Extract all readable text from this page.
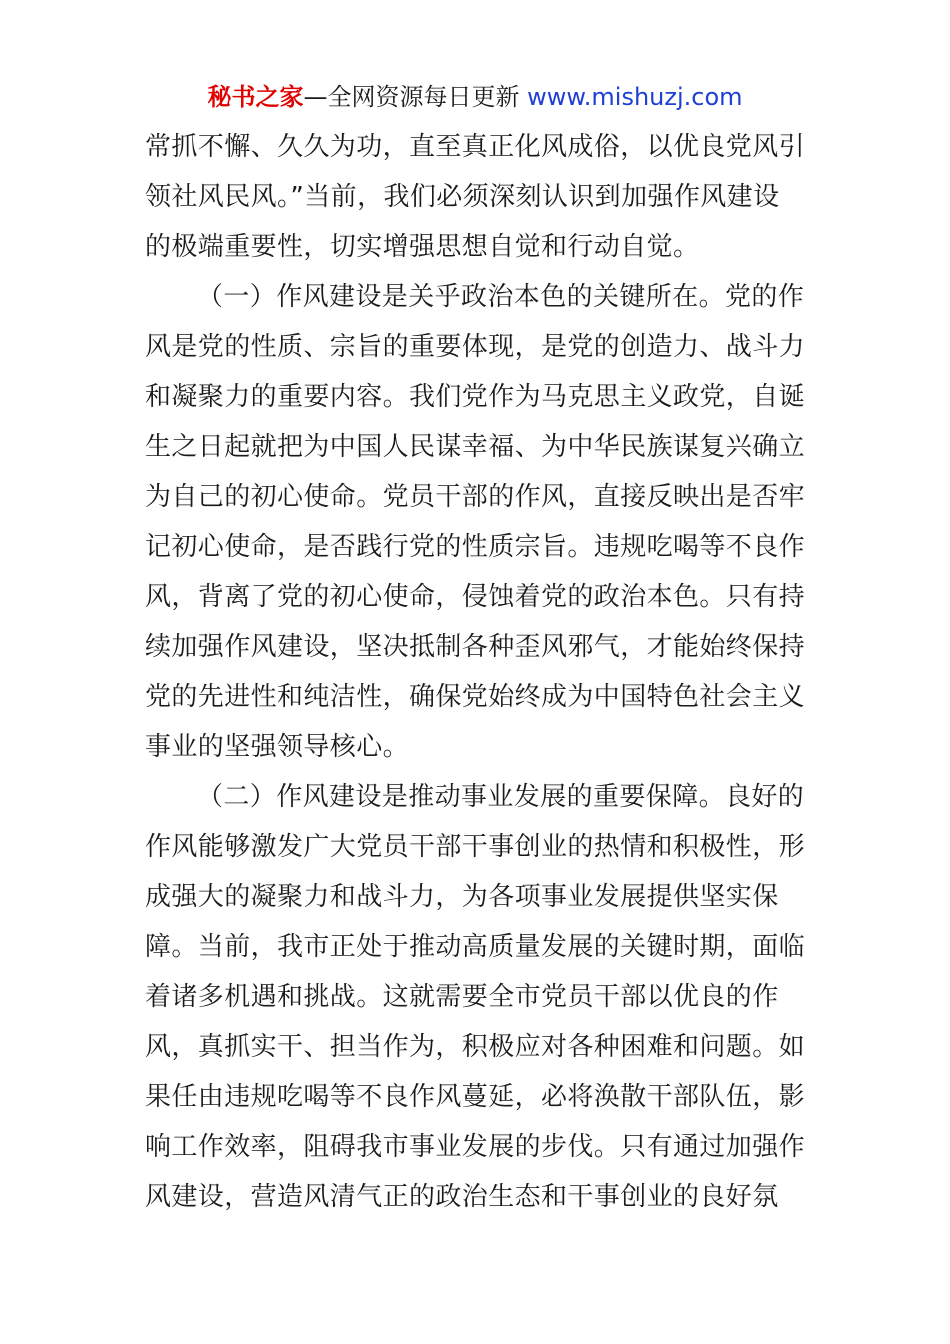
秘书之家—全网资源每日更新 www.mishuzj.com
常抓不懈、久久为功，直至真正化风成俗，以优良党风引
领社风民风。”当前，我们必须深刻认识到加强作风建设
的极端重要性，切实增强思想自觉和行动自觉。
（一）作风建设是关乎政治本色的关键所在。党的作
风是党的性质、宗旨的重要体现，是党的创造力、战斗力
和凝聚力的重要内容。我们党作为马克思主义政党，自诞
生之日起就把为中国人民谋幸福、为中华民族谋复兴确立
为自己的初心使命。党员干部的作风，直接反映出是否牢
记初心使命，是否践行党的性质宗旨。违规吃喝等不良作
风，背离了党的初心使命，侵蚀着党的政治本色。只有持
续加强作风建设，坚决抵制各种歪风邪气，才能始终保持
党的先进性和纯洁性，确保党始终成为中国特色社会主义
事业的坚强领导核心。
（二）作风建设是推动事业发展的重要保障。良好的
作风能够激发广大党员干部干事创业的热情和积极性，形
成强大的凝聚力和战斗力，为各项事业发展提供坚实保
障。当前，我市正处于推动高质量发展的关键时期，面临
着诸多机遇和挑战。这就需要全市党员干部以优良的作
风，真抓实干、担当作为，积极应对各种困难和问题。如
果任由违规吃喝等不良作风蔓延，必将涣散干部队伍，影
响工作效率，阻碍我市事业发展的步伐。只有通过加强作
风建设，营造风清气正的政治生态和干事创业的良好氛
